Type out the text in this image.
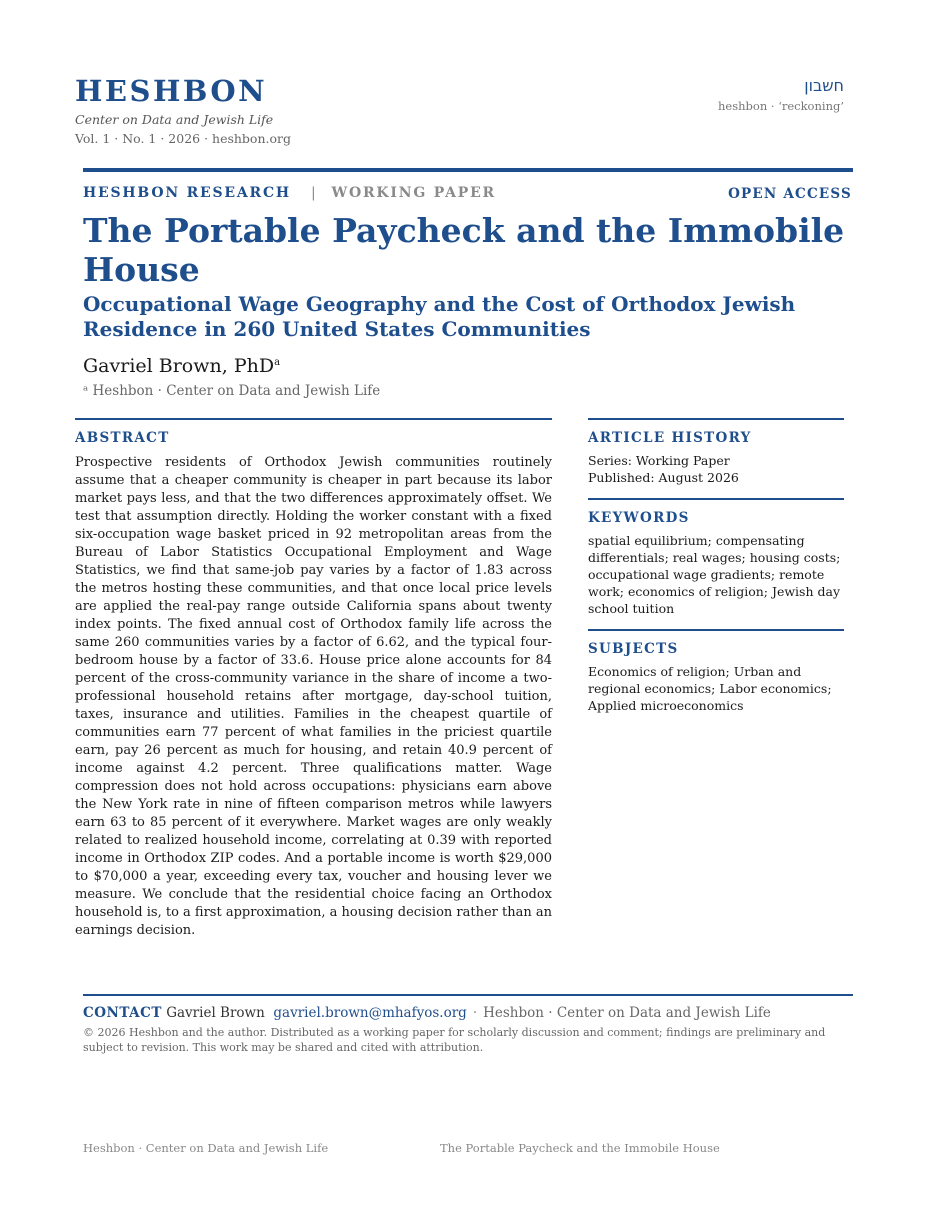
HESHBON
Center on Data and Jewish Life
Vol. 1 · No. 1 · 2026 · heshbon.org
חשבון
heshbon · ‘reckoning’
HESHBON RESEARCH | WORKING PAPER	OPEN ACCESS
The Portable Paycheck and the Immobile House
Occupational Wage Geography and the Cost of Orthodox Jewish Residence in 260 United States Communities
Gavriel Brown, PhD$^a$
ᵃ Heshbon · Center on Data and Jewish Life
ABSTRACT

Prospective residents of Orthodox Jewish communities routinely assume that a cheaper community is cheaper in part because its labor market pays less, and that the two differences approximately offset. We test that assumption directly. Holding the worker constant with a fixed six-occupation wage basket priced in 92 metropolitan areas from the Bureau of Labor Statistics Occupational Employment and Wage Statistics, we find that same-job pay varies by a factor of 1.83 across the metros hosting these communities, and that once local price levels are applied the real-pay range outside California spans about twenty index points. The fixed annual cost of Orthodox family life across the same 260 communities varies by a factor of 6.62, and the typical four-bedroom house by a factor of 33.6. House price alone accounts for 84 percent of the cross-community variance in the share of income a two-professional household retains after mortgage, day-school tuition, taxes, insurance and utilities. Families in the cheapest quartile of communities earn 77 percent of what families in the priciest quartile earn, pay 26 percent as much for housing, and retain 40.9 percent of income against 4.2 percent. Three qualifications matter. Wage compression does not hold across occupations: physicians earn above the New York rate in nine of fifteen comparison metros while lawyers earn 63 to 85 percent of it everywhere. Market wages are only weakly related to realized household income, correlating at 0.39 with reported income in Orthodox ZIP codes. And a portable income is worth $29,000 to $70,000 a year, exceeding every tax, voucher and housing lever we measure. We conclude that the residential choice facing an Orthodox household is, to a first approximation, a housing decision rather than an earnings decision.

ARTICLE HISTORY
Series: Working Paper
Published: August 2026
KEYWORDS

spatial equilibrium; compensating differentials; real wages; housing costs; occupational wage gradients; remote work; economics of religion; Jewish day school tuition

SUBJECTS

Economics of religion; Urban and regional economics; Labor economics; Applied microeconomics

CONTACT Gavriel Brown gavriel.brown@mhafyos.org · Heshbon · Center on Data and Jewish Life

© 2026 Heshbon and the author. Distributed as a working paper for scholarly discussion and comment; findings are preliminary and subject to revision. This work may be shared and cited with attribution.

Heshbon · Center on Data and Jewish Life	The Portable Paycheck and the Immobile House
